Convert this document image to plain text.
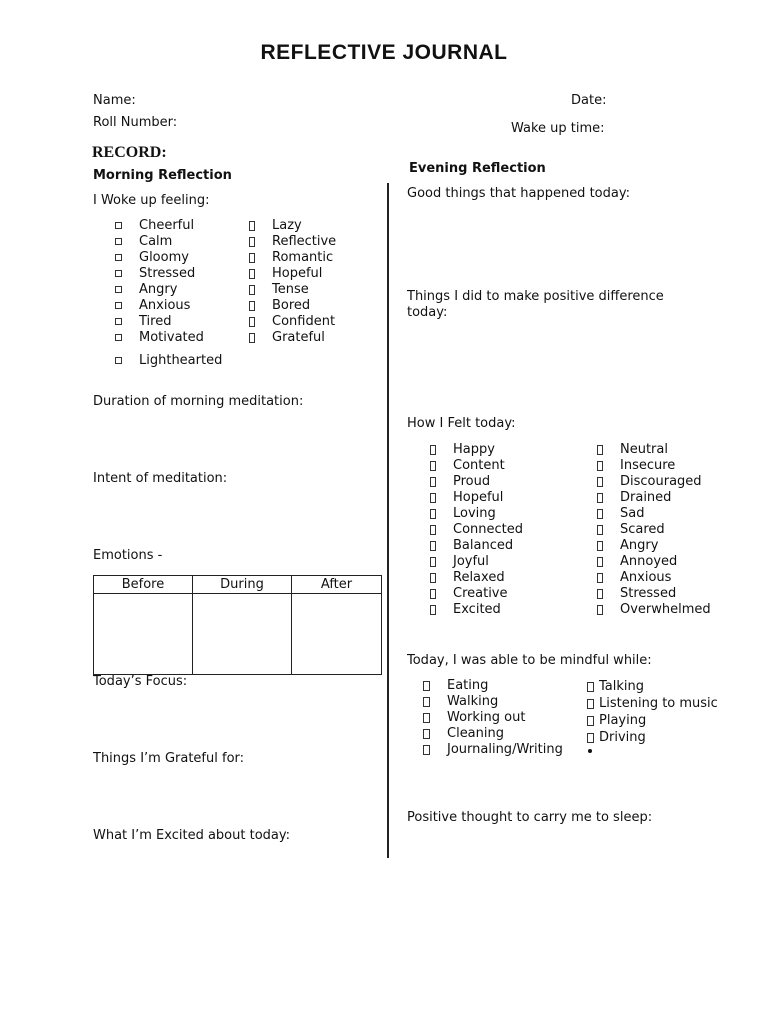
REFLECTIVE JOURNAL
Name:	Date:
Roll Number:	Wake up time:
RECORD:
Morning Reflection	Evening Reflection
I Woke up feeling:
Cheerful
Calm
Gloomy
Stressed
Angry
Anxious
Tired
Motivated
Lazy
Reflective
Romantic
Hopeful
Tense
Bored
Confident
Grateful
Lighthearted
Duration of morning meditation:
Intent of meditation:
Emotions -
Before	During	After

Today’s Focus:
Things I’m Grateful for:
What I’m Excited about today:
Good things that happened today:
Things I did to make positive difference
today:
How I Felt today:
Happy
Content
Proud
Hopeful
Loving
Connected
Balanced
Joyful
Relaxed
Creative
Excited
Neutral
Insecure
Discouraged
Drained
Sad
Scared
Angry
Annoyed
Anxious
Stressed
Overwhelmed
Today, I was able to be mindful while:
Eating
Walking
Working out
Cleaning
Journaling/Writing
Talking
Listening to music
Playing
Driving
Positive thought to carry me to sleep:
